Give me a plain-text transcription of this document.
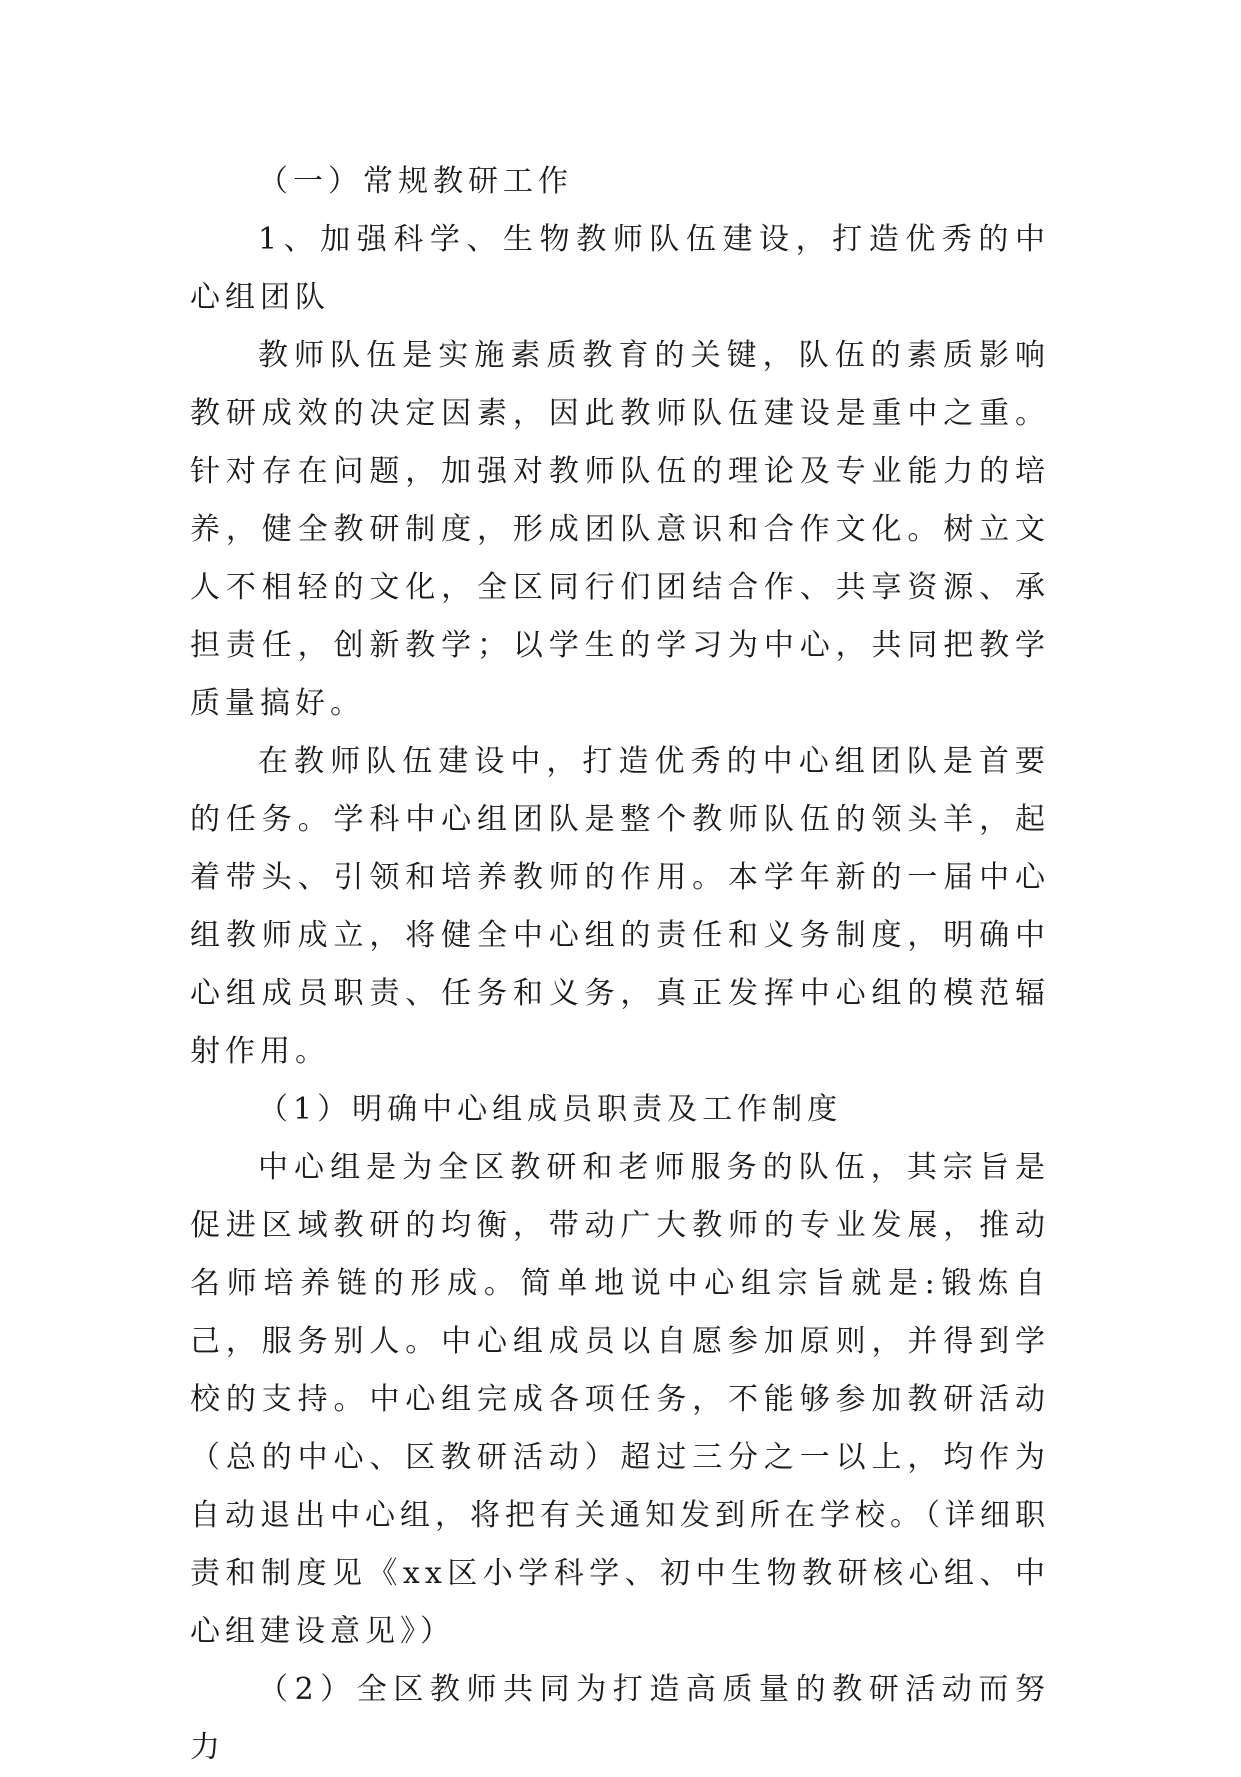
（一）常规教研工作

1、加强科学、生物教师队伍建设，打造优秀的中心组团队

教师队伍是实施素质教育的关键，队伍的素质影响教研成效的决定因素，因此教师队伍建设是重中之重。针对存在问题，加强对教师队伍的理论及专业能力的培养，健全教研制度，形成团队意识和合作文化。树立文人不相轻的文化，全区同行们团结合作、共享资源、承担责任，创新教学；以学生的学习为中心，共同把教学质量搞好。

在教师队伍建设中，打造优秀的中心组团队是首要的任务。学科中心组团队是整个教师队伍的领头羊，起着带头、引领和培养教师的作用。本学年新的一届中心组教师成立，将健全中心组的责任和义务制度，明确中心组成员职责、任务和义务，真正发挥中心组的模范辐射作用。

（1）明确中心组成员职责及工作制度

中心组是为全区教研和老师服务的队伍，其宗旨是促进区域教研的均衡，带动广大教师的专业发展，推动名师培养链的形成。简单地说中心组宗旨就是:锻炼自己，服务别人。中心组成员以自愿参加原则，并得到学校的支持。中心组完成各项任务，不能够参加教研活动（总的中心、区教研活动）超过三分之一以上，均作为自动退出中心组，将把有关通知发到所在学校。（详细职责和制度见《xx区小学科学、初中生物教研核心组、中心组建设意见》）

（2）全区教师共同为打造高质量的教研活动而努力
